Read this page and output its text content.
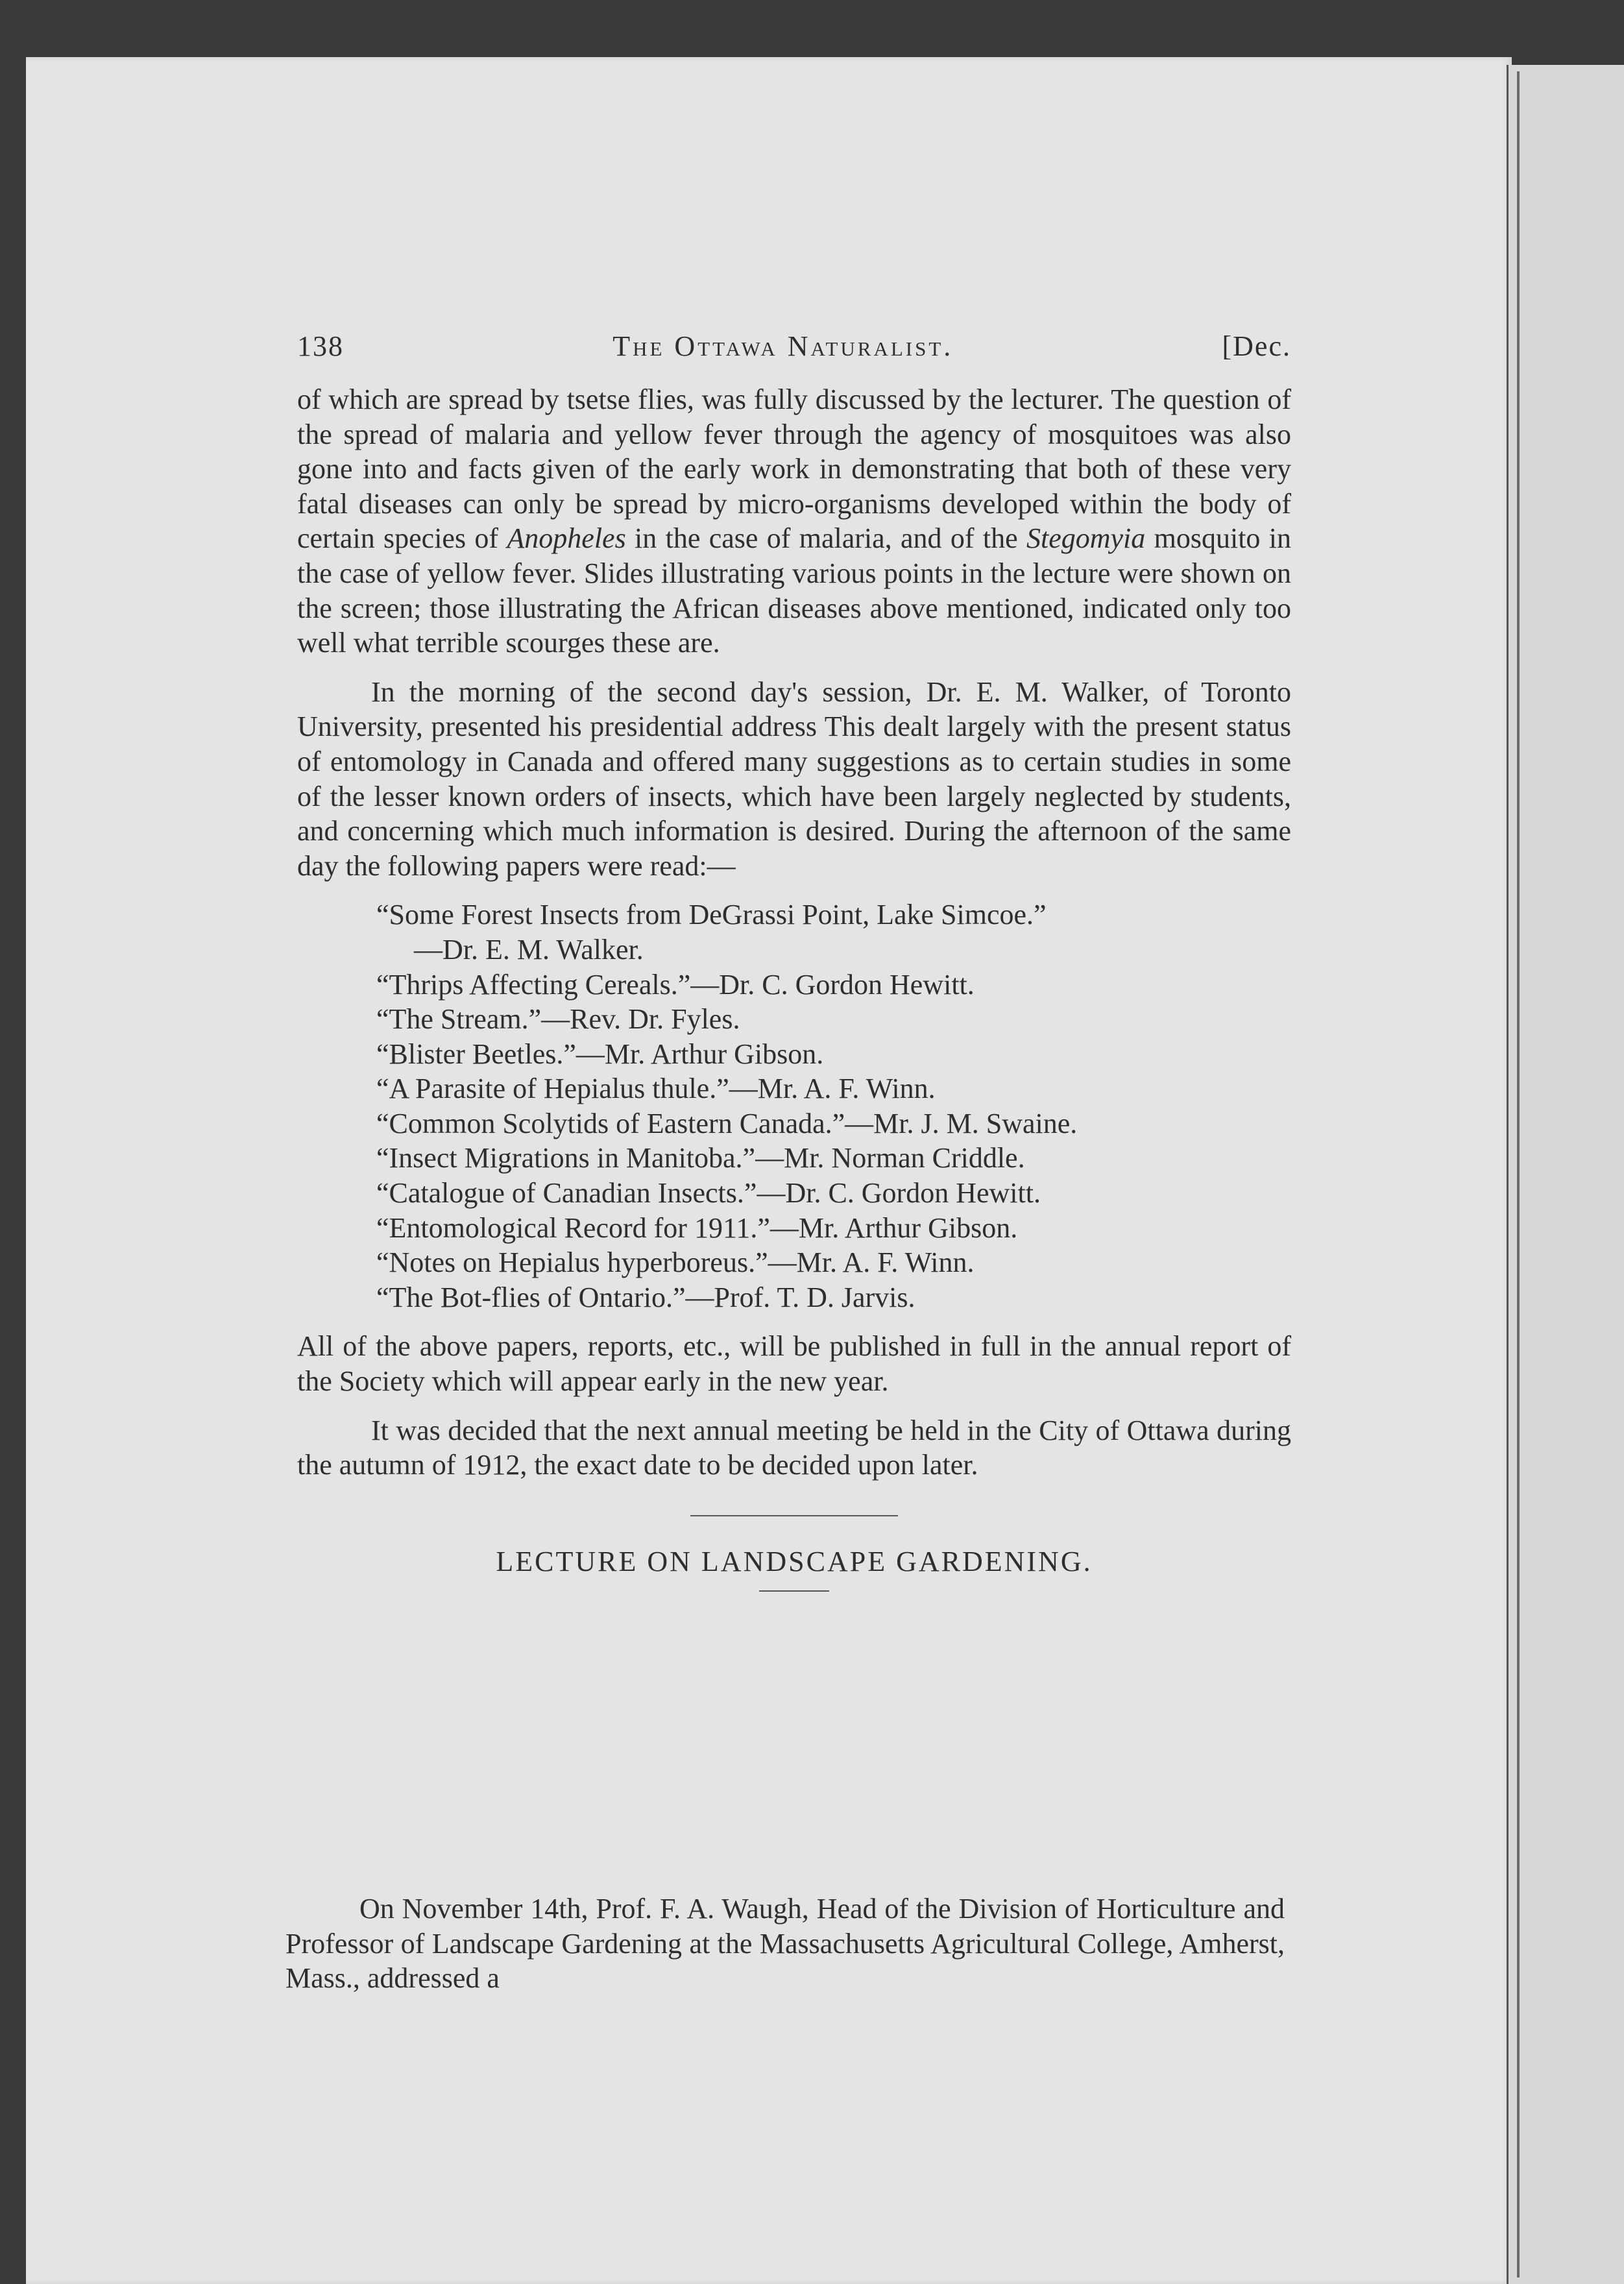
138	The Ottawa Naturalist.	[Dec.

of which are spread by tsetse flies, was fully discussed by the lecturer. The question of the spread of malaria and yellow fever through the agency of mosquitoes was also gone into and facts given of the early work in demonstrating that both of these very fatal diseases can only be spread by micro-organisms developed within the body of certain species of Anopheles in the case of malaria, and of the Stegomyia mosquito in the case of yellow fever. Slides illustrating various points in the lecture were shown on the screen; those illustrating the African diseases above mentioned, indicated only too well what terrible scourges these are.

In the morning of the second day's session, Dr. E. M. Walker, of Toronto University, presented his presidential address This dealt largely with the present status of entomology in Canada and offered many suggestions as to certain studies in some of the lesser known orders of insects, which have been largely neglected by students, and concerning which much information is desired. During the afternoon of the same day the following papers were read:—

“Some Forest Insects from DeGrassi Point, Lake Simcoe.”
—Dr. E. M. Walker.
“Thrips Affecting Cereals.”—Dr. C. Gordon Hewitt.
“The Stream.”—Rev. Dr. Fyles.
“Blister Beetles.”—Mr. Arthur Gibson.
“A Parasite of Hepialus thule.”—Mr. A. F. Winn.
“Common Scolytids of Eastern Canada.”—Mr. J. M. Swaine.
“Insect Migrations in Manitoba.”—Mr. Norman Criddle.
“Catalogue of Canadian Insects.”—Dr. C. Gordon Hewitt.
“Entomological Record for 1911.”—Mr. Arthur Gibson.
“Notes on Hepialus hyperboreus.”—Mr. A. F. Winn.
“The Bot-flies of Ontario.”—Prof. T. D. Jarvis.

All of the above papers, reports, etc., will be published in full in the annual report of the Society which will appear early in the new year.

It was decided that the next annual meeting be held in the City of Ottawa during the autumn of 1912, the exact date to be decided upon later.

LECTURE ON LANDSCAPE GARDENING.

On November 14th, Prof. F. A. Waugh, Head of the Division of Horticulture and Professor of Landscape Gardening at the Massachusetts Agricultural College, Amherst, Mass., addressed a
